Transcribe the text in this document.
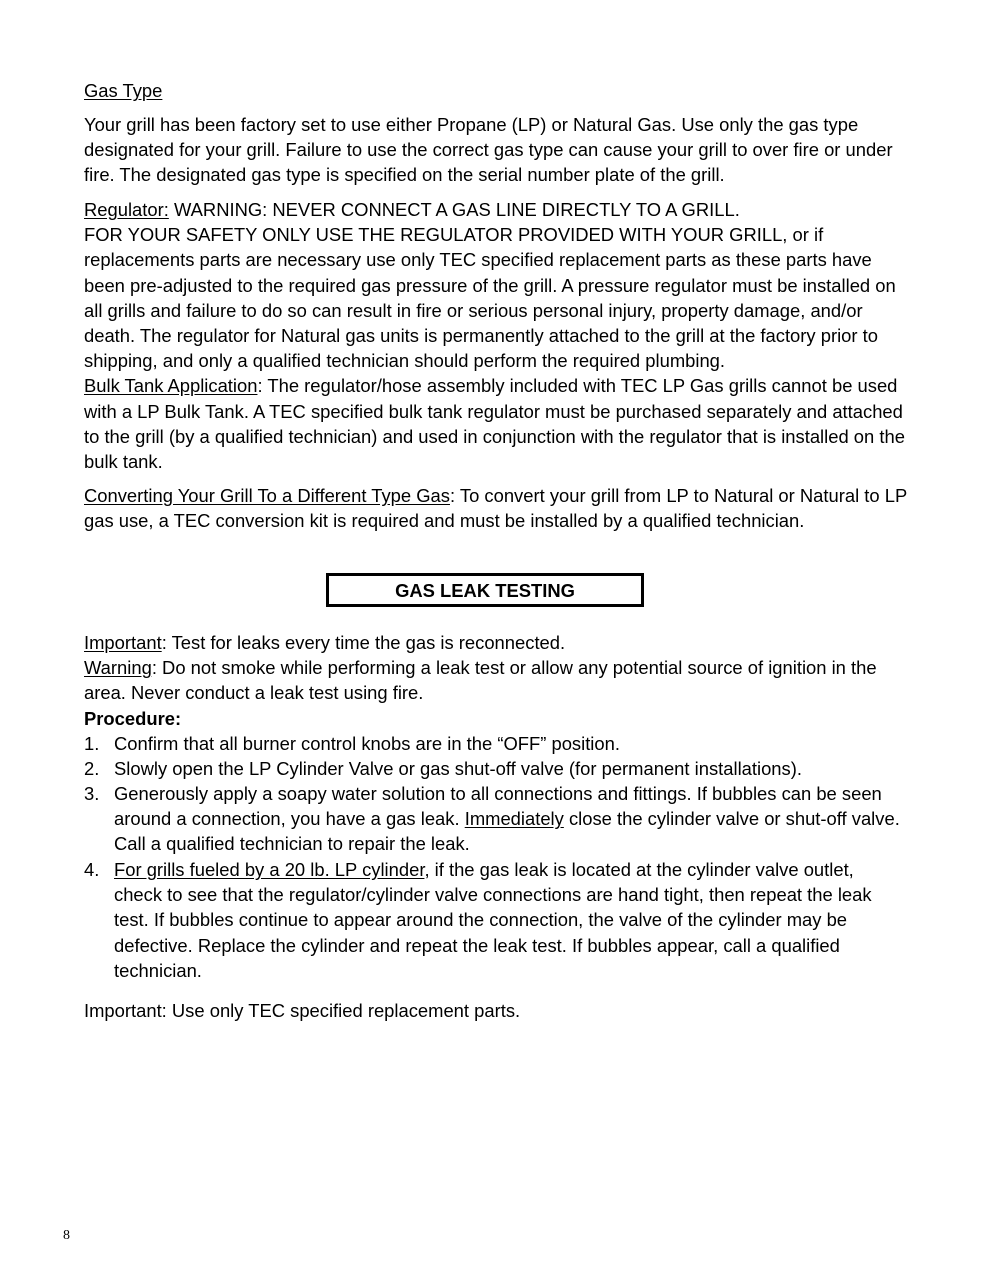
Gas Type

Your grill has been factory set to use either Propane (LP) or Natural Gas. Use only the gas type designated for your grill. Failure to use the correct gas type can cause your grill to over fire or under fire. The designated gas type is specified on the serial number plate of the grill.

Regulator: WARNING: NEVER CONNECT A GAS LINE DIRECTLY TO A GRILL.
FOR YOUR SAFETY ONLY USE THE REGULATOR PROVIDED WITH YOUR GRILL, or if replacements parts are necessary use only TEC specified replacement parts as these parts have been pre-adjusted to the required gas pressure of the grill. A pressure regulator must be installed on all grills and failure to do so can result in fire or serious personal injury, property damage, and/or death. The regulator for Natural gas units is permanently attached to the grill at the factory prior to shipping, and only a qualified technician should perform the required plumbing.
Bulk Tank Application: The regulator/hose assembly included with TEC LP Gas grills cannot be used with a LP Bulk Tank. A TEC specified bulk tank regulator must be purchased separately and attached to the grill (by a qualified technician) and used in conjunction with the regulator that is installed on the bulk tank.

Converting Your Grill To a Different Type Gas: To convert your grill from LP to Natural or Natural to LP gas use, a TEC conversion kit is required and must be installed by a qualified technician.

GAS LEAK TESTING

Important: Test for leaks every time the gas is reconnected.
Warning: Do not smoke while performing a leak test or allow any potential source of ignition in the area. Never conduct a leak test using fire.
Procedure:

1. Confirm that all burner control knobs are in the “OFF” position.
2. Slowly open the LP Cylinder Valve or gas shut-off valve (for permanent installations).
3. Generously apply a soapy water solution to all connections and fittings. If bubbles can be seen around a connection, you have a gas leak. Immediately close the cylinder valve or shut-off valve. Call a qualified technician to repair the leak.
4. For grills fueled by a 20 lb. LP cylinder, if the gas leak is located at the cylinder valve outlet, check to see that the regulator/cylinder valve connections are hand tight, then repeat the leak test. If bubbles continue to appear around the connection, the valve of the cylinder may be defective. Replace the cylinder and repeat the leak test. If bubbles appear, call a qualified technician.

Important: Use only TEC specified replacement parts.

8
